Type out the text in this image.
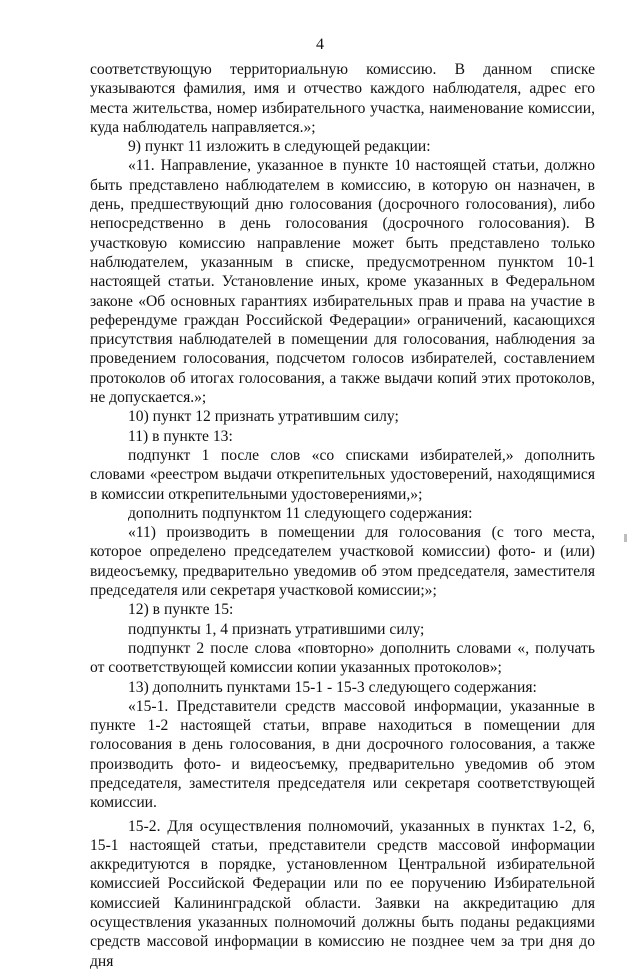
4

соответствующую территориальную комиссию. В данном списке указываются фамилия, имя и отчество каждого наблюдателя, адрес его места жительства, номер избирательного участка, наименование комиссии, куда наблюдатель направляется.»;

9) пункт 11 изложить в следующей редакции:

«11. Направление, указанное в пункте 10 настоящей статьи, должно быть представлено наблюдателем в комиссию, в которую он назначен, в день, предшествующий дню голосования (досрочного голосования), либо непосредственно в день голосования (досрочного голосования). В участковую комиссию направление может быть представлено только наблюдателем, указанным в списке, предусмотренном пунктом 10-1 настоящей статьи. Установление иных, кроме указанных в Федеральном законе «Об основных гарантиях избирательных прав и права на участие в референдуме граждан Российской Федерации» ограничений, касающихся присутствия наблюдателей в помещении для голосования, наблюдения за проведением голосования, подсчетом голосов избирателей, составлением протоколов об итогах голосования, а также выдачи копий этих протоколов, не допускается.»;

10) пункт 12 признать утратившим силу;

11) в пункте 13:

подпункт 1 после слов «со списками избирателей,» дополнить словами «реестром выдачи открепительных удостоверений, находящимися в комиссии открепительными удостоверениями,»;

дополнить подпунктом 11 следующего содержания:

«11) производить в помещении для голосования (с того места, которое определено председателем участковой комиссии) фото- и (или) видеосъемку, предварительно уведомив об этом председателя, заместителя председателя или секретаря участковой комиссии;»;

12) в пункте 15:

подпункты 1, 4 признать утратившими силу;

подпункт 2 после слова «повторно» дополнить словами «, получать от соответствующей комиссии копии указанных протоколов»;

13) дополнить пунктами 15-1 - 15-3 следующего содержания:

«15-1. Представители средств массовой информации, указанные в пункте 1-2 настоящей статьи, вправе находиться в помещении для голосования в день голосования, в дни досрочного голосования, а также производить фото- и видеосъемку, предварительно уведомив об этом председателя, заместителя председателя или секретаря соответствующей комиссии.

15-2. Для осуществления полномочий, указанных в пунктах 1-2, 6, 15-1 настоящей статьи, представители средств массовой информации аккредитуются в порядке, установленном Центральной избирательной комиссией Российской Федерации или по ее поручению Избирательной комиссией Калининградской области. Заявки на аккредитацию для осуществления указанных полномочий должны быть поданы редакциями средств массовой информации в комиссию не позднее чем за три дня до дня
